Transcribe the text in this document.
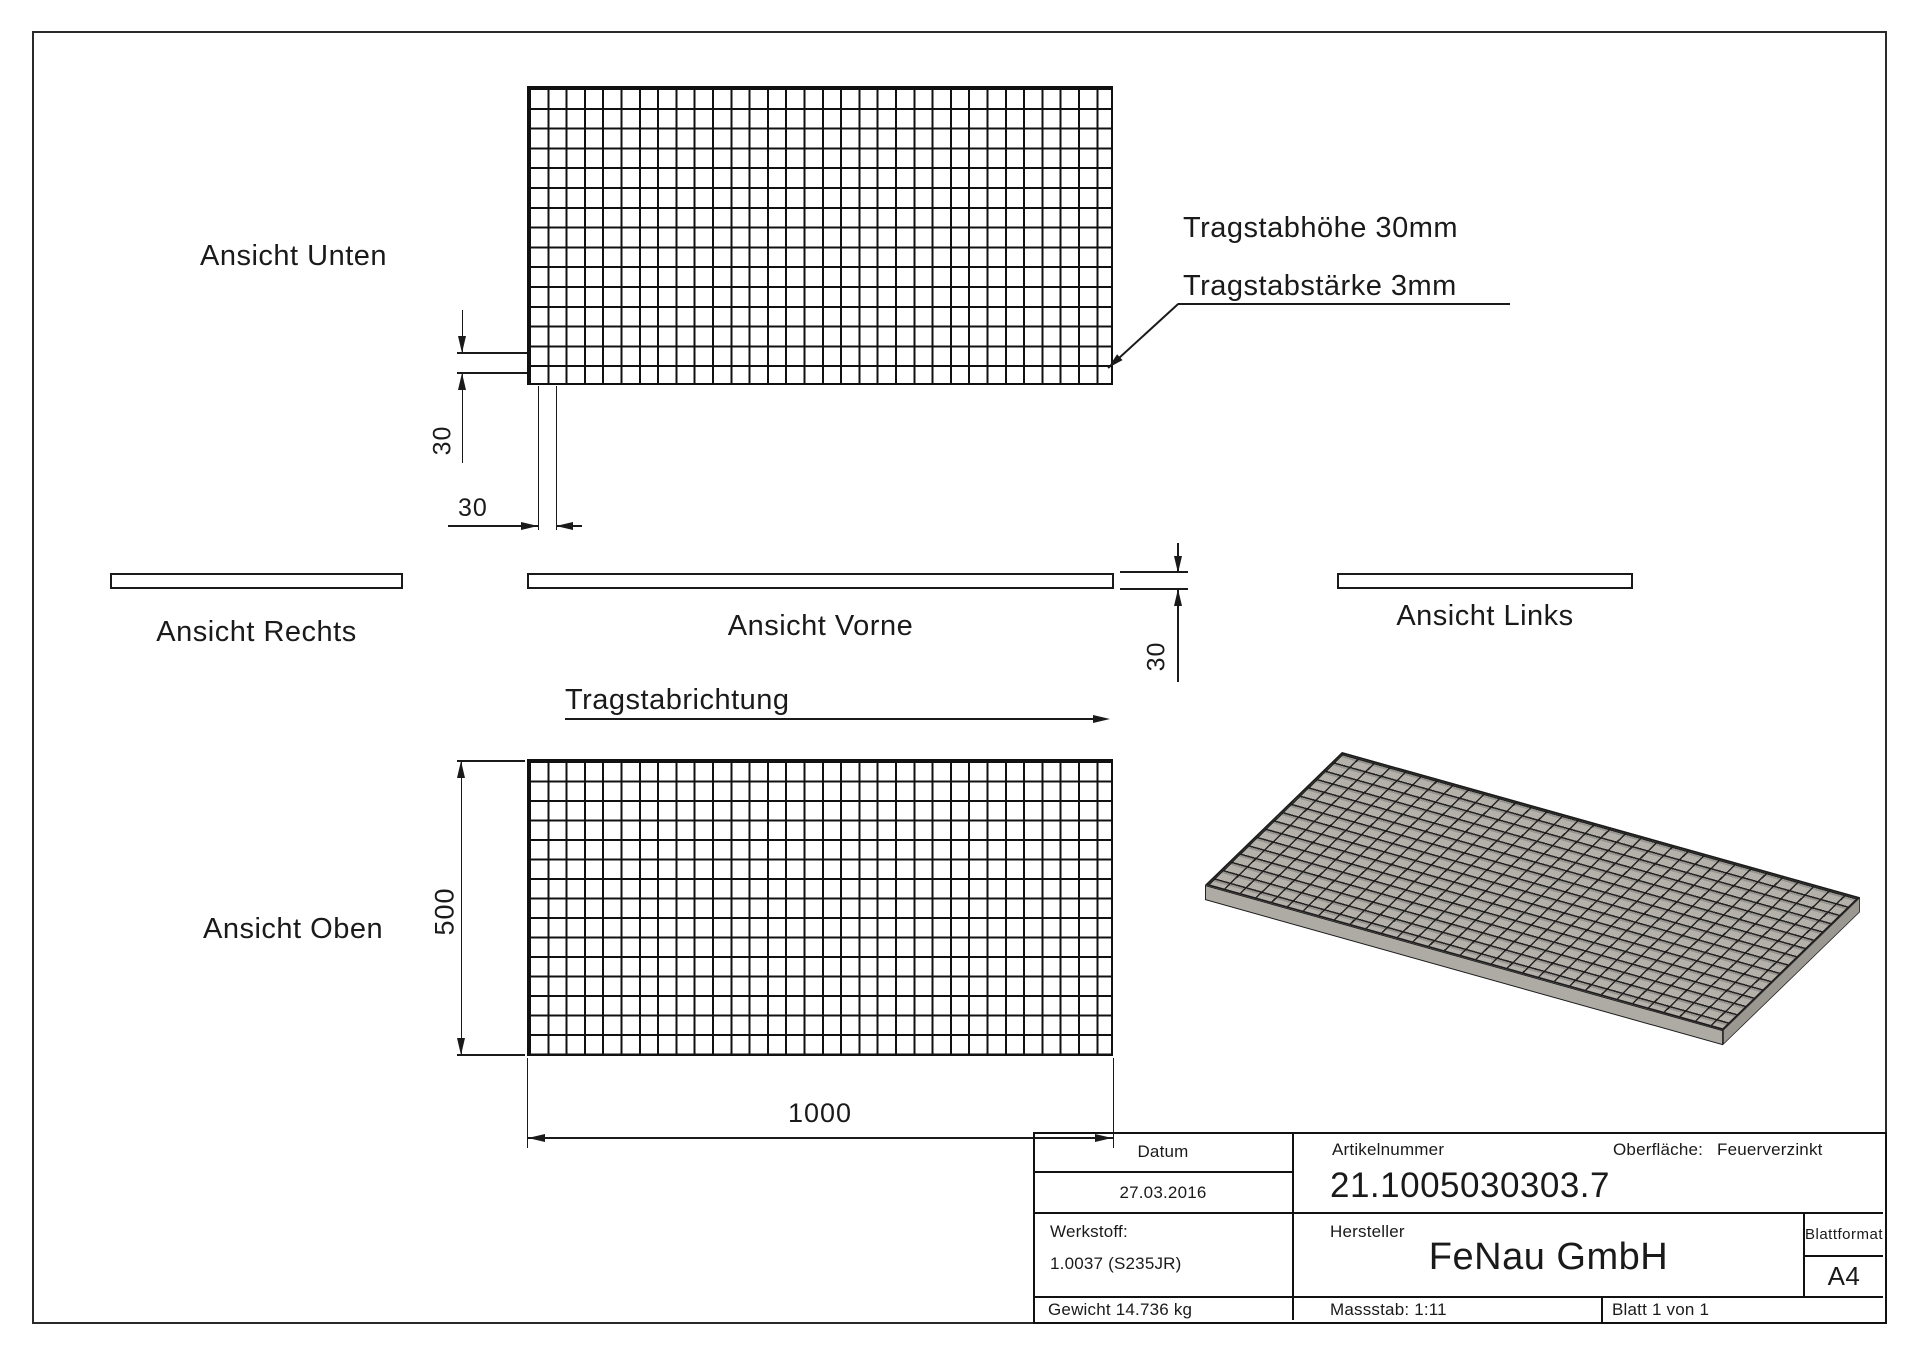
Ansicht Unten
Tragstabhöhe 30mm
Tragstabstärke 3mm
30
30
Ansicht Rechts	Ansicht Vorne	Ansicht Links
30
Tragstabrichtung
Ansicht Oben 500
1000
Datum
27.03.2016
Artikelnummer
21.1005030303.7
Oberfläche: Feuerverzinkt
Werkstoff:
1.0037 (S235JR)
Hersteller
FeNau GmbH
Blattformat
A4
Gewicht 14.736 kg	Massstab: 1:11	Blatt 1 von 1
